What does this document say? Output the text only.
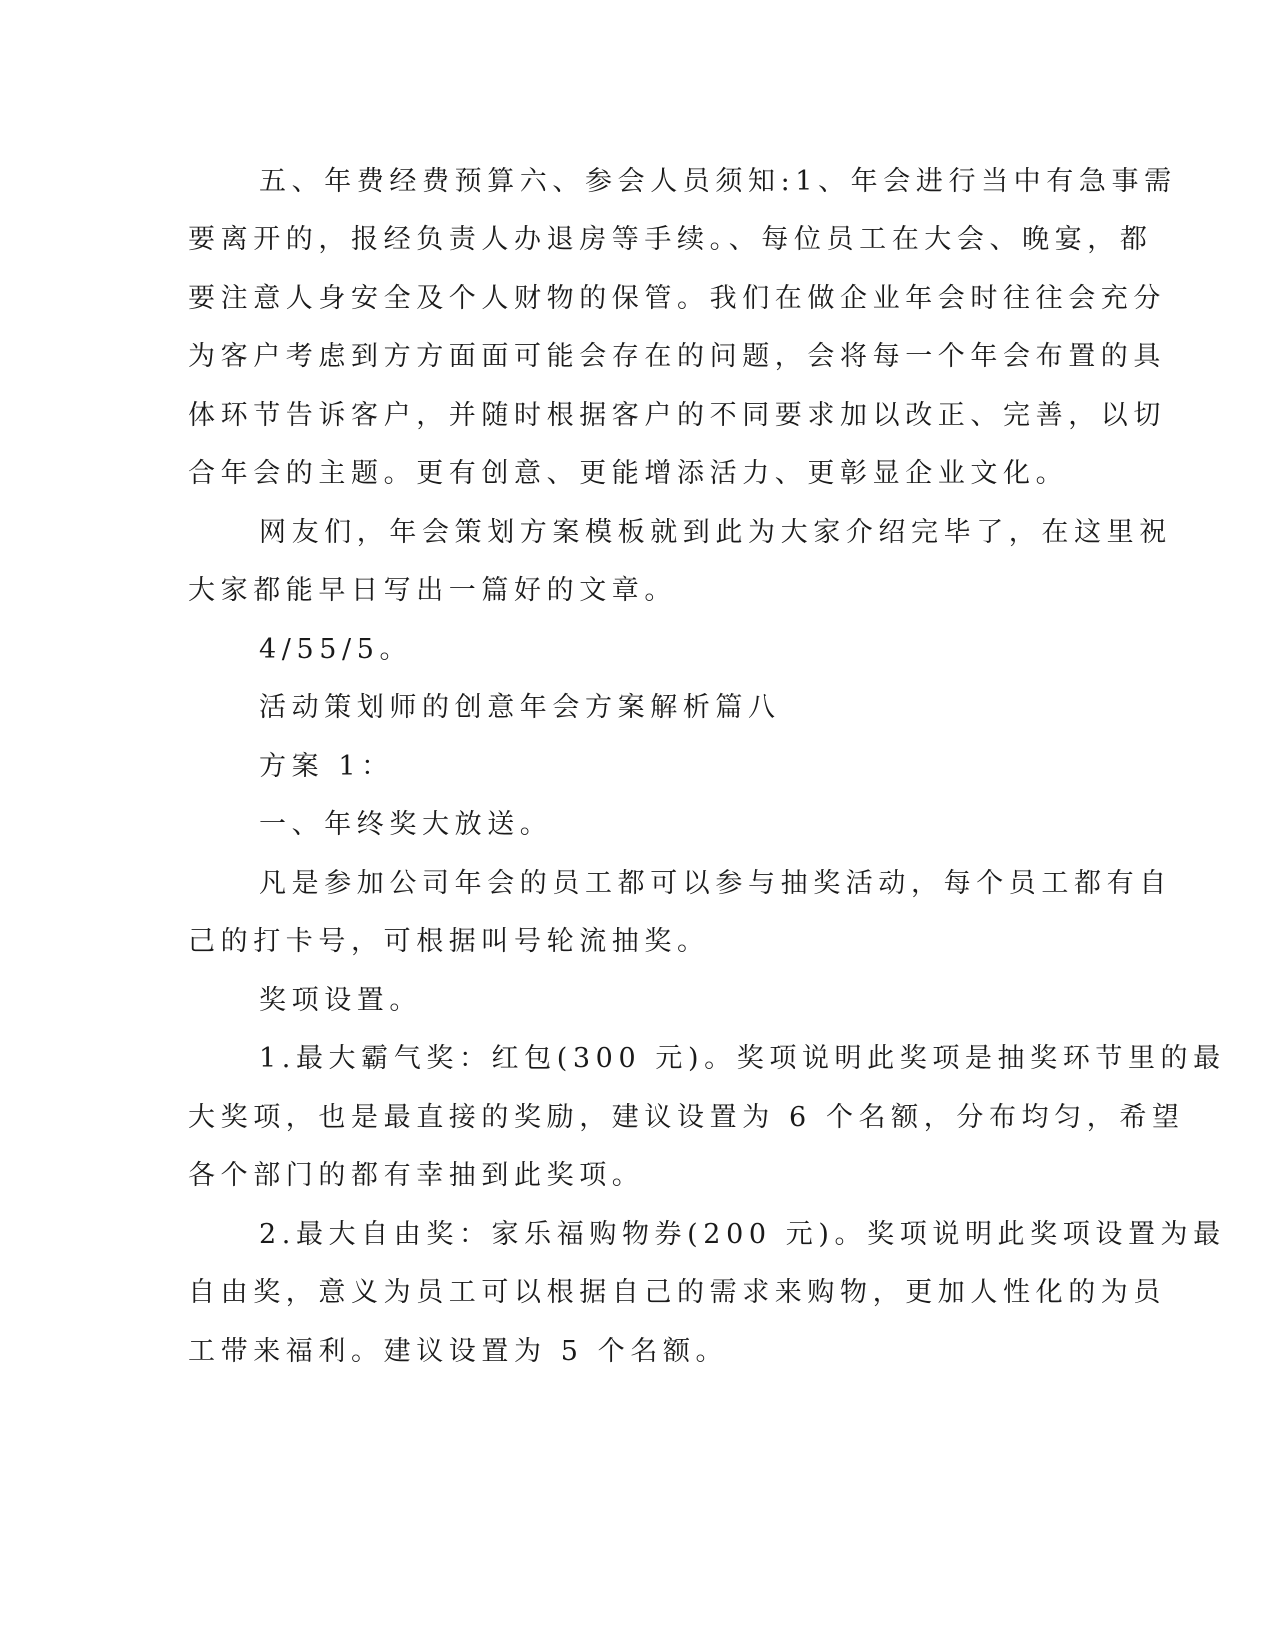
五、年费经费预算六、参会人员须知:1、年会进行当中有急事需

要离开的，报经负责人办退房等手续。、每位员工在大会、晚宴，都

要注意人身安全及个人财物的保管。我们在做企业年会时往往会充分

为客户考虑到方方面面可能会存在的问题，会将每一个年会布置的具

体环节告诉客户，并随时根据客户的不同要求加以改正、完善，以切

合年会的主题。更有创意、更能增添活力、更彰显企业文化。

网友们，年会策划方案模板就到此为大家介绍完毕了，在这里祝

大家都能早日写出一篇好的文章。

4/55/5。

活动策划师的创意年会方案解析篇八

方案 1：

一、年终奖大放送。

凡是参加公司年会的员工都可以参与抽奖活动，每个员工都有自

己的打卡号，可根据叫号轮流抽奖。

奖项设置。

1.最大霸气奖：红包(300 元)。奖项说明此奖项是抽奖环节里的最

大奖项，也是最直接的奖励，建议设置为 6 个名额，分布均匀，希望

各个部门的都有幸抽到此奖项。

2.最大自由奖：家乐福购物券(200 元)。奖项说明此奖项设置为最

自由奖，意义为员工可以根据自己的需求来购物，更加人性化的为员

工带来福利。建议设置为 5 个名额。
